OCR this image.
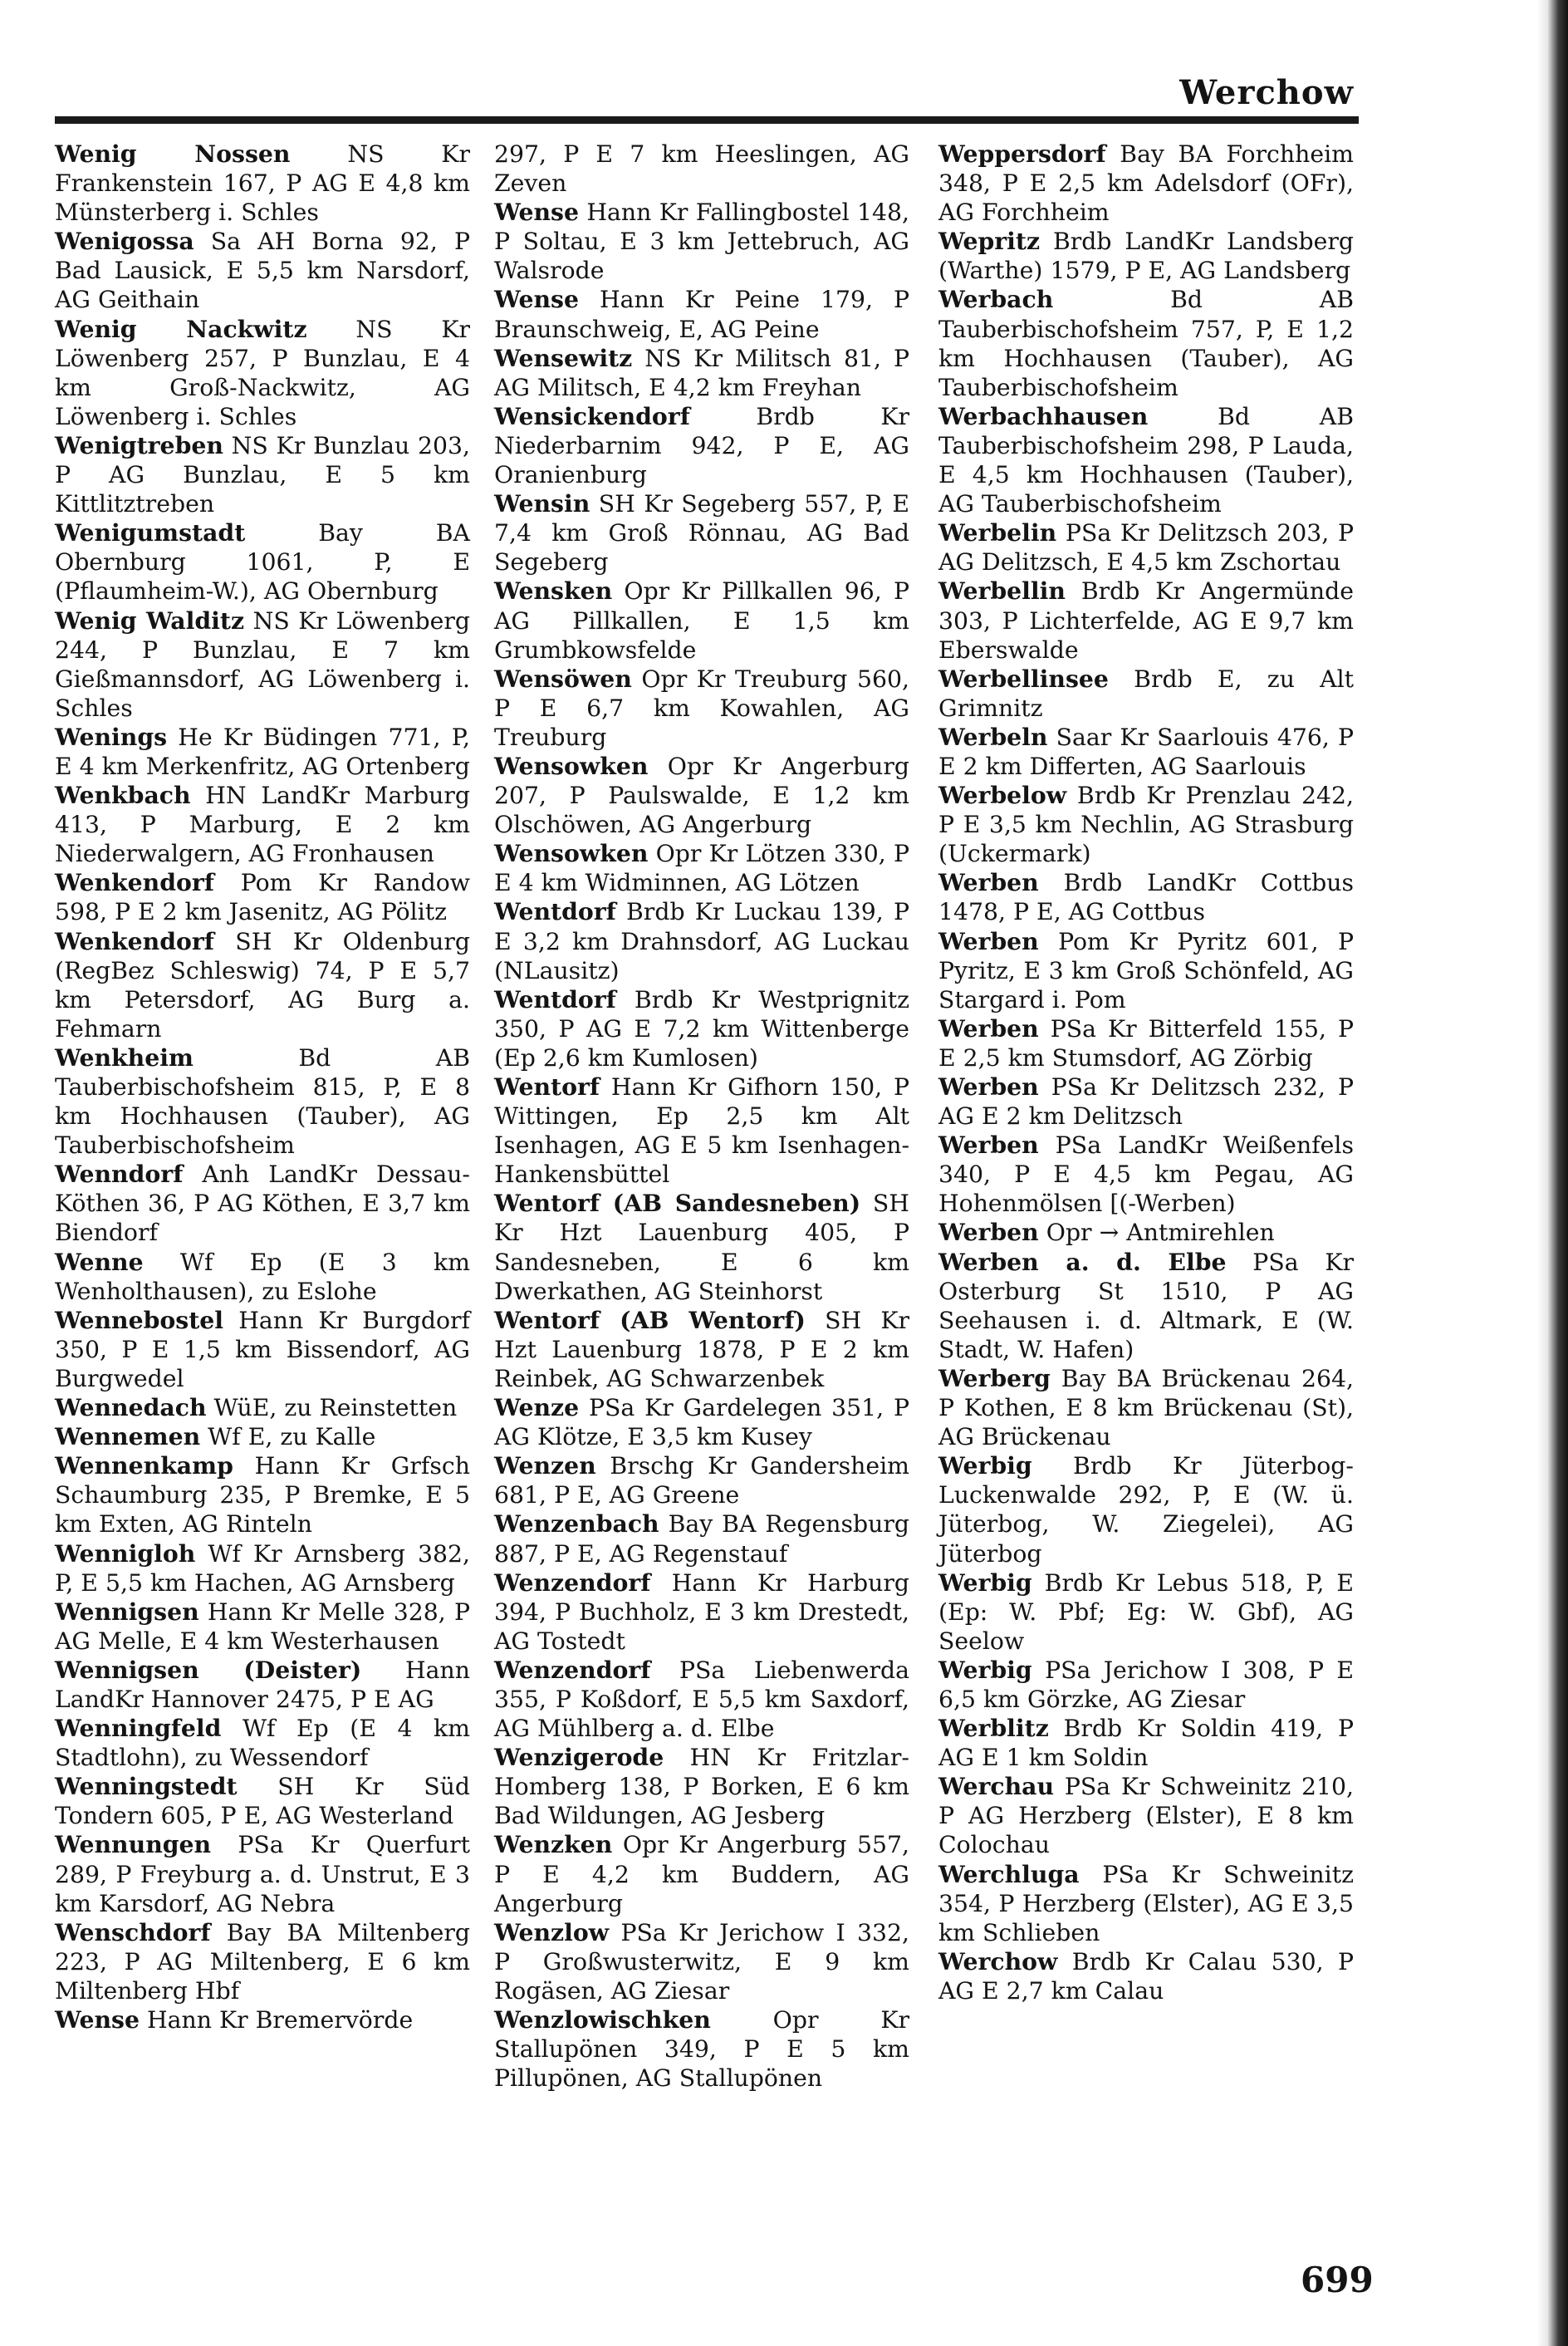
Werchow
Wenig Nossen NS Kr Frankenstein 167, P AG E 4,8 km Münsterberg i. Schles
Wenigossa Sa AH Borna 92, P Bad Lausick, E 5,5 km Narsdorf, AG Geithain
Wenig Nackwitz NS Kr Löwenberg 257, P Bunzlau, E 4 km Groß-Nackwitz, AG Löwenberg i. Schles
Wenigtreben NS Kr Bunzlau 203, P AG Bunzlau, E 5 km Kittlitztreben
Wenigumstadt Bay BA Obernburg 1061, P, E (Pflaumheim-W.), AG Obernburg
Wenig Walditz NS Kr Löwenberg 244, P Bunzlau, E 7 km Gießmannsdorf, AG Löwenberg i. Schles
Wenings He Kr Büdingen 771, P, E 4 km Merkenfritz, AG Ortenberg
Wenkbach HN LandKr Marburg 413, P Marburg, E 2 km Niederwalgern, AG Fronhausen
Wenkendorf Pom Kr Randow 598, P E 2 km Jasenitz, AG Pölitz
Wenkendorf SH Kr Oldenburg (RegBez Schleswig) 74, P E 5,7 km Petersdorf, AG Burg a. Fehmarn
Wenkheim Bd AB Tauberbischofsheim 815, P, E 8 km Hochhausen (Tauber), AG Tauberbischofsheim
Wenndorf Anh LandKr Dessau-Köthen 36, P AG Köthen, E 3,7 km Biendorf
Wenne Wf Ep (E 3 km Wenholthausen), zu Eslohe
Wennebostel Hann Kr Burgdorf 350, P E 1,5 km Bissendorf, AG Burgwedel
Wennedach WüE, zu Reinstetten
Wennemen Wf E, zu Kalle
Wennenkamp Hann Kr Grfsch Schaumburg 235, P Bremke, E 5 km Exten, AG Rinteln
Wennigloh Wf Kr Arnsberg 382, P, E 5,5 km Hachen, AG Arnsberg
Wennigsen Hann Kr Melle 328, P AG Melle, E 4 km Westerhausen
Wennigsen (Deister) Hann LandKr Hannover 2475, P E AG
Wenningfeld Wf Ep (E 4 km Stadtlohn), zu Wessendorf
Wenningstedt SH Kr Süd Tondern 605, P E, AG Westerland
Wennungen PSa Kr Querfurt 289, P Freyburg a. d. Unstrut, E 3 km Karsdorf, AG Nebra
Wenschdorf Bay BA Miltenberg 223, P AG Miltenberg, E 6 km Miltenberg Hbf
Wense Hann Kr Bremervörde
297, P E 7 km Heeslingen, AG Zeven
Wense Hann Kr Fallingbostel 148, P Soltau, E 3 km Jettebruch, AG Walsrode
Wense Hann Kr Peine 179, P Braunschweig, E, AG Peine
Wensewitz NS Kr Militsch 81, P AG Militsch, E 4,2 km Freyhan
Wensickendorf Brdb Kr Niederbarnim 942, P E, AG Oranienburg
Wensin SH Kr Segeberg 557, P, E 7,4 km Groß Rönnau, AG Bad Segeberg
Wensken Opr Kr Pillkallen 96, P AG Pillkallen, E 1,5 km Grumbkowsfelde
Wensöwen Opr Kr Treuburg 560, P E 6,7 km Kowahlen, AG Treuburg
Wensowken Opr Kr Angerburg 207, P Paulswalde, E 1,2 km Olschöwen, AG Angerburg
Wensowken Opr Kr Lötzen 330, P E 4 km Widminnen, AG Lötzen
Wentdorf Brdb Kr Luckau 139, P E 3,2 km Drahnsdorf, AG Luckau (NLausitz)
Wentdorf Brdb Kr Westprignitz 350, P AG E 7,2 km Wittenberge (Ep 2,6 km Kumlosen)
Wentorf Hann Kr Gifhorn 150, P Wittingen, Ep 2,5 km Alt Isenhagen, AG E 5 km Isenhagen-Hankensbüttel
Wentorf (AB Sandesneben) SH Kr Hzt Lauenburg 405, P Sandesneben, E 6 km Dwerkathen, AG Steinhorst
Wentorf (AB Wentorf) SH Kr Hzt Lauenburg 1878, P E 2 km Reinbek, AG Schwarzenbek
Wenze PSa Kr Gardelegen 351, P AG Klötze, E 3,5 km Kusey
Wenzen Brschg Kr Gandersheim 681, P E, AG Greene
Wenzenbach Bay BA Regensburg 887, P E, AG Regenstauf
Wenzendorf Hann Kr Harburg 394, P Buchholz, E 3 km Drestedt, AG Tostedt
Wenzendorf PSa Liebenwerda 355, P Koßdorf, E 5,5 km Saxdorf, AG Mühlberg a. d. Elbe
Wenzigerode HN Kr Fritzlar-Homberg 138, P Borken, E 6 km Bad Wildungen, AG Jesberg
Wenzken Opr Kr Angerburg 557, P E 4,2 km Buddern, AG Angerburg
Wenzlow PSa Kr Jerichow I 332, P Großwusterwitz, E 9 km Rogäsen, AG Ziesar
Wenzlowischken Opr Kr Stallupönen 349, P E 5 km Pillupönen, AG Stallupönen
Weppersdorf Bay BA Forchheim 348, P E 2,5 km Adelsdorf (OFr), AG Forchheim
Wepritz Brdb LandKr Landsberg (Warthe) 1579, P E, AG Landsberg
Werbach Bd AB Tauberbischofsheim 757, P, E 1,2 km Hochhausen (Tauber), AG Tauberbischofsheim
Werbachhausen Bd AB Tauberbischofsheim 298, P Lauda, E 4,5 km Hochhausen (Tauber), AG Tauberbischofsheim
Werbelin PSa Kr Delitzsch 203, P AG Delitzsch, E 4,5 km Zschortau
Werbellin Brdb Kr Angermünde 303, P Lichterfelde, AG E 9,7 km Eberswalde
Werbellinsee Brdb E, zu Alt Grimnitz
Werbeln Saar Kr Saarlouis 476, P E 2 km Differten, AG Saarlouis
Werbelow Brdb Kr Prenzlau 242, P E 3,5 km Nechlin, AG Strasburg (Uckermark)
Werben Brdb LandKr Cottbus 1478, P E, AG Cottbus
Werben Pom Kr Pyritz 601, P Pyritz, E 3 km Groß Schönfeld, AG Stargard i. Pom
Werben PSa Kr Bitterfeld 155, P E 2,5 km Stumsdorf, AG Zörbig
Werben PSa Kr Delitzsch 232, P AG E 2 km Delitzsch
Werben PSa LandKr Weißenfels 340, P E 4,5 km Pegau, AG Hohenmölsen [(-Werben)
Werben Opr → Antmirehlen
Werben a. d. Elbe PSa Kr Osterburg St 1510, P AG Seehausen i. d. Altmark, E (W. Stadt, W. Hafen)
Werberg Bay BA Brückenau 264, P Kothen, E 8 km Brückenau (St), AG Brückenau
Werbig Brdb Kr Jüterbog-Luckenwalde 292, P, E (W. ü. Jüterbog, W. Ziegelei), AG Jüterbog
Werbig Brdb Kr Lebus 518, P, E (Ep: W. Pbf; Eg: W. Gbf), AG Seelow
Werbig PSa Jerichow I 308, P E 6,5 km Görzke, AG Ziesar
Werblitz Brdb Kr Soldin 419, P AG E 1 km Soldin
Werchau PSa Kr Schweinitz 210, P AG Herzberg (Elster), E 8 km Colochau
Werchluga PSa Kr Schweinitz 354, P Herzberg (Elster), AG E 3,5 km Schlieben
Werchow Brdb Kr Calau 530, P AG E 2,7 km Calau
699
